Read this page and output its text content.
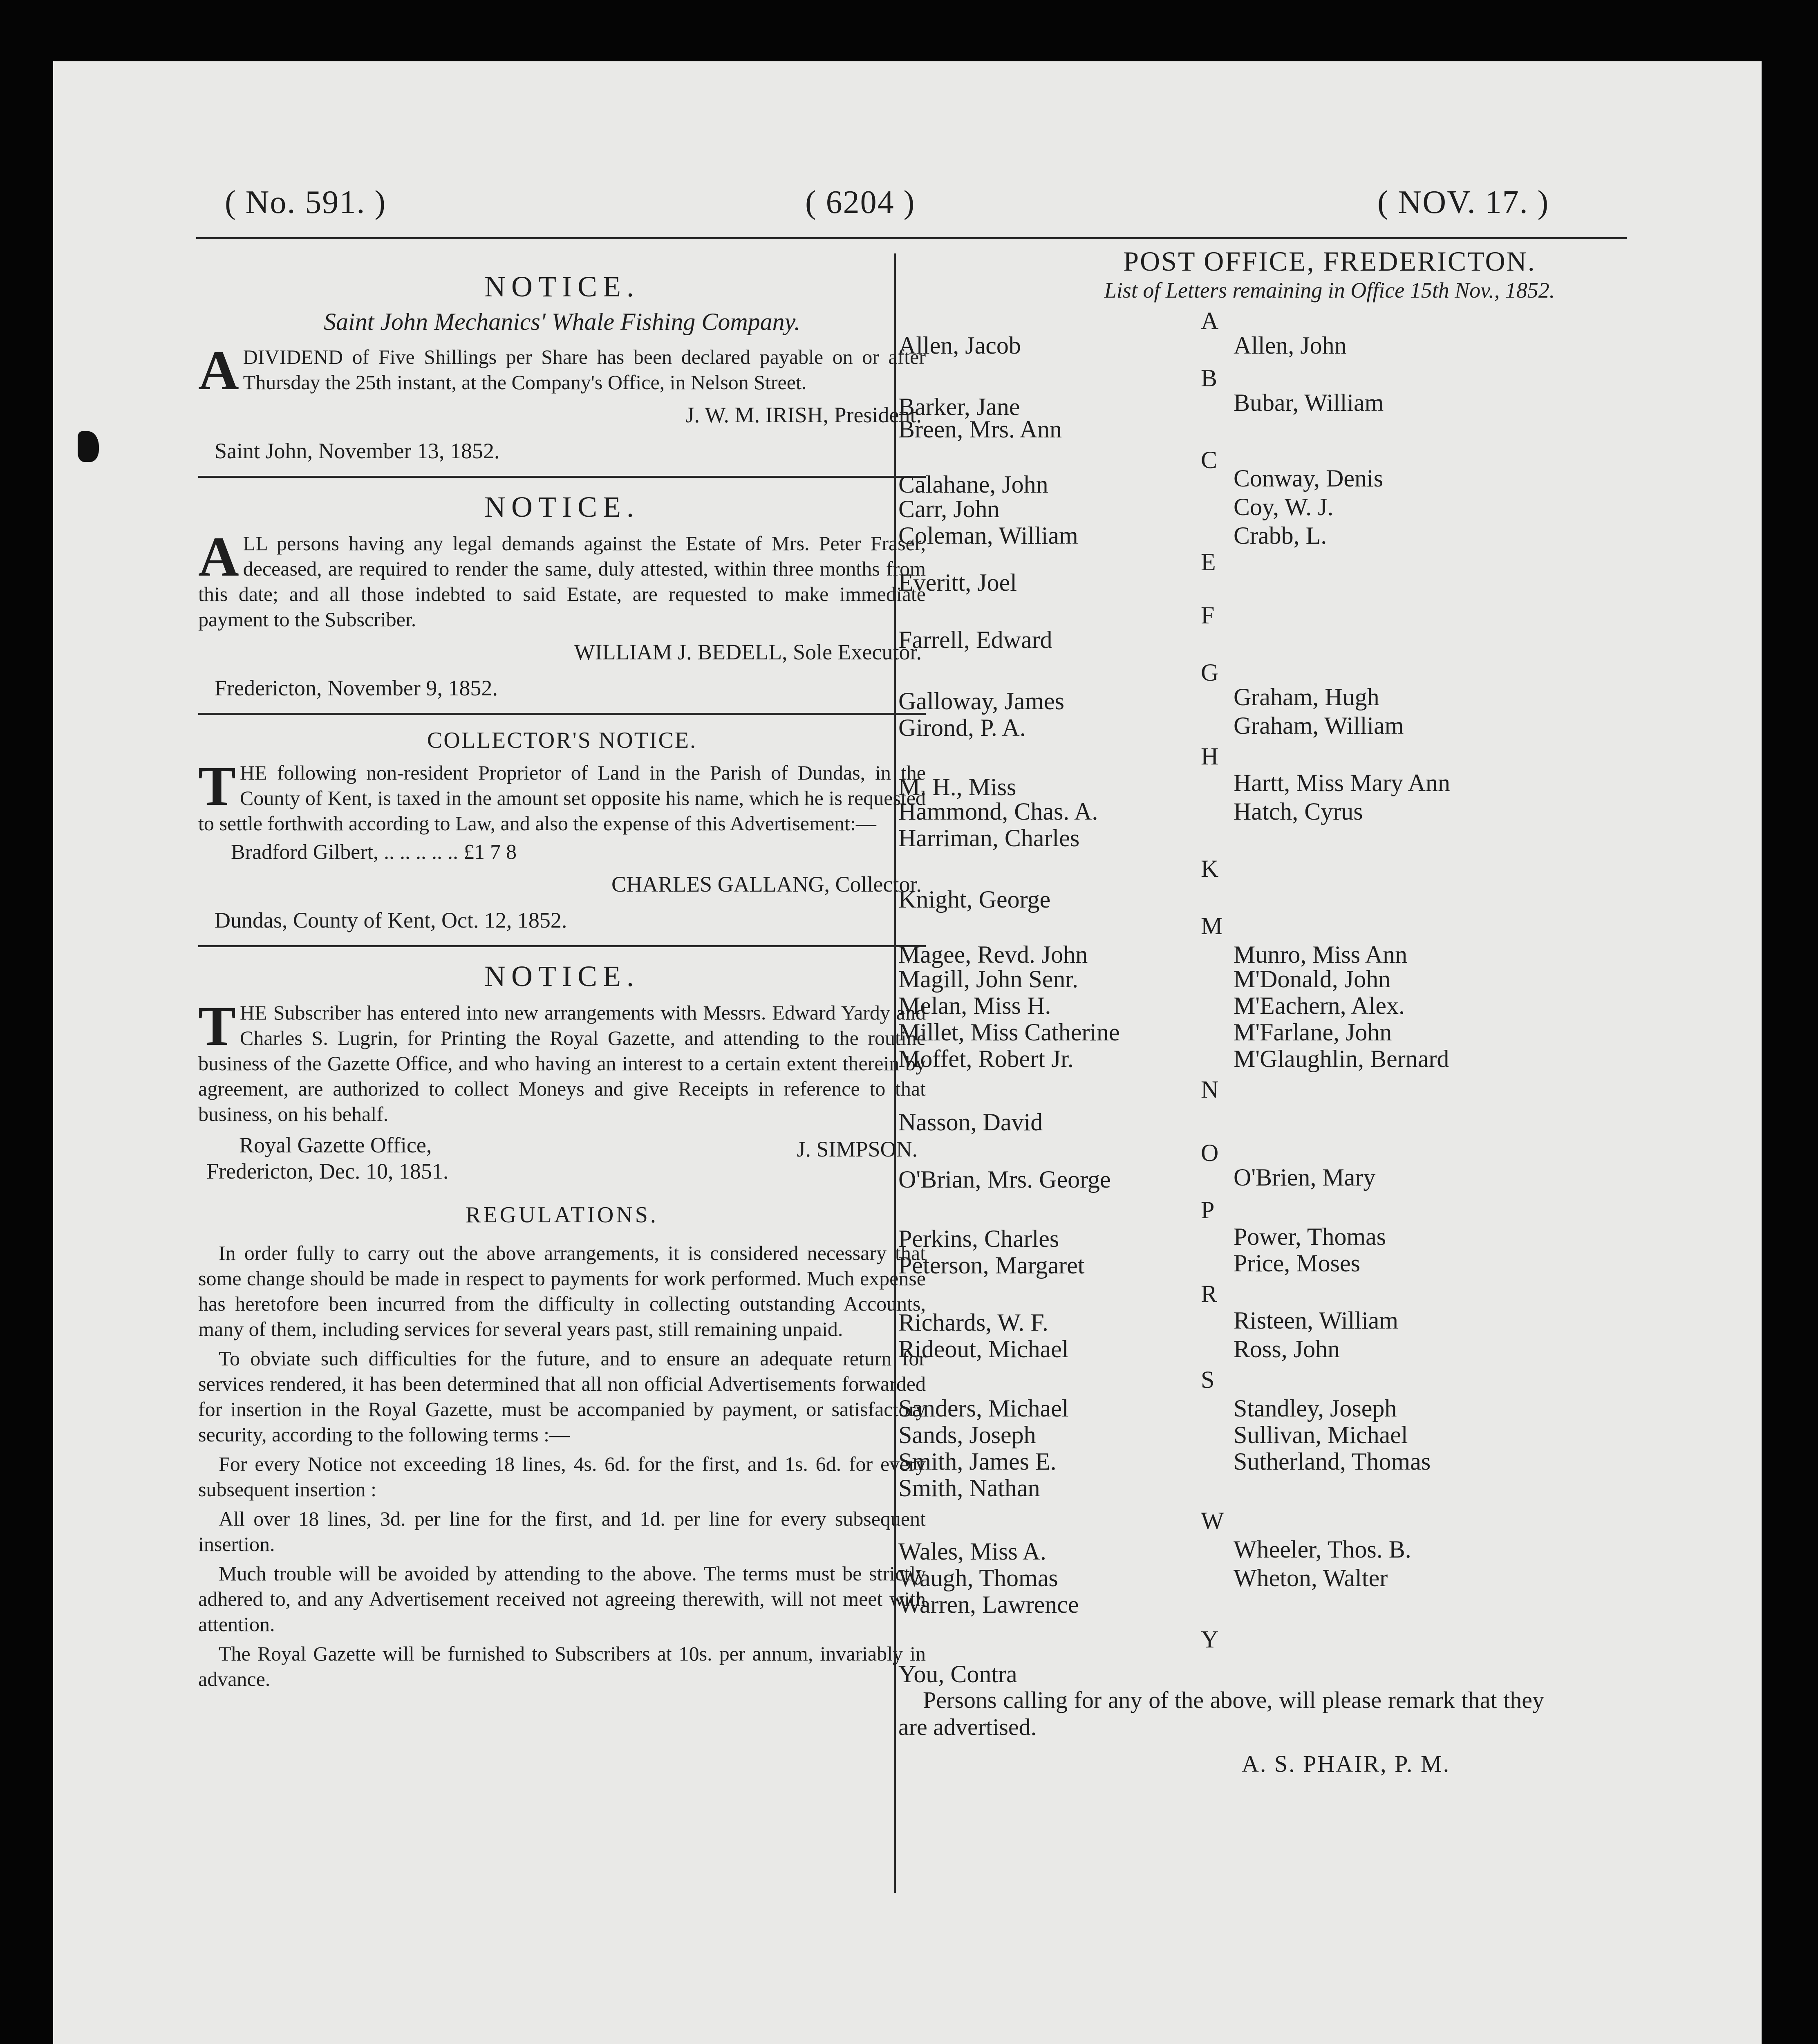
( No. 591. )	( 6204 )	( NOV. 17. )
NOTICE.
Saint John Mechanics' Whale Fishing Company.
A DIVIDEND of Five Shillings per Share has been declared payable on or after Thursday the 25th instant, at the Company's Office, in Nelson Street.
J. W. M. IRISH, President.
Saint John, November 13, 1852.
NOTICE.
A LL persons having any legal demands against the Estate of Mrs. Peter Fraser, deceased, are required to render the same, duly attested, within three months from this date; and all those indebted to said Estate, are requested to make immediate payment to the Subscriber.
WILLIAM J. BEDELL, Sole Executor.
Fredericton, November 9, 1852.
COLLECTOR'S NOTICE.
T HE following non-resident Proprietor of Land in the Parish of Dundas, in the County of Kent, is taxed in the amount set opposite his name, which he is requested to settle forthwith according to Law, and also the expense of this Advertisement:—
Bradford Gilbert, .. .. .. .. .. £1 7 8
CHARLES GALLANG, Collector.
Dundas, County of Kent, Oct. 12, 1852.
NOTICE.
T HE Subscriber has entered into new arrangements with Messrs. Edward Yardy and Charles S. Lugrin, for Printing the Royal Gazette, and attending to the routine business of the Gazette Office, and who having an interest to a certain extent therein by agreement, are authorized to collect Moneys and give Receipts in reference to that business, on his behalf.
Royal Gazette Office,
Fredericton, Dec. 10, 1851.
J. SIMPSON.
REGULATIONS.
In order fully to carry out the above arrangements, it is considered necessary that some change should be made in respect to payments for work performed. Much expense has heretofore been incurred from the difficulty in collecting outstanding Accounts, many of them, including services for several years past, still remaining unpaid.
To obviate such difficulties for the future, and to ensure an adequate return for services rendered, it has been determined that all non official Advertisements forwarded for insertion in the Royal Gazette, must be accompanied by payment, or satisfactory security, according to the following terms :—
For every Notice not exceeding 18 lines, 4s. 6d. for the first, and 1s. 6d. for every subsequent insertion :
All over 18 lines, 3d. per line for the first, and 1d. per line for every subsequent insertion.
Much trouble will be avoided by attending to the above. The terms must be strictly adhered to, and any Advertisement received not agreeing therewith, will not meet with attention.
The Royal Gazette will be furnished to Subscribers at 10s. per annum, invariably in advance.
POST OFFICE, FREDERICTON.
List of Letters remaining in Office 15th Nov., 1852.
A
Allen, Jacob	Allen, John
B
Barker, Jane	Bubar, William
Breen, Mrs. Ann
C
Calahane, John	Conway, Denis
Carr, John	Coy, W. J.
Coleman, William	Crabb, L.
E
Everitt, Joel
F
Farrell, Edward
G
Galloway, James	Graham, Hugh
Girond, P. A.	Graham, William
H
M. H., Miss	Hartt, Miss Mary Ann
Hammond, Chas. A.	Hatch, Cyrus
Harriman, Charles
K
Knight, George
M
Magee, Revd. John	Munro, Miss Ann
Magill, John Senr.	M'Donald, John
Melan, Miss H.	M'Eachern, Alex.
Millet, Miss Catherine	M'Farlane, John
Moffet, Robert Jr.	M'Glaughlin, Bernard
N
Nasson, David
O
O'Brian, Mrs. George	O'Brien, Mary
P
Perkins, Charles	Power, Thomas
Peterson, Margaret	Price, Moses
R
Richards, W. F.	Risteen, William
Rideout, Michael	Ross, John
S
Sanders, Michael	Standley, Joseph
Sands, Joseph	Sullivan, Michael
Smith, James E.	Sutherland, Thomas
Smith, Nathan
W
Wales, Miss A.	Wheeler, Thos. B.
Waugh, Thomas	Wheton, Walter
Warren, Lawrence
Y
You, Contra
Persons calling for any of the above, will please remark that they are advertised.
A. S. PHAIR, P. M.
